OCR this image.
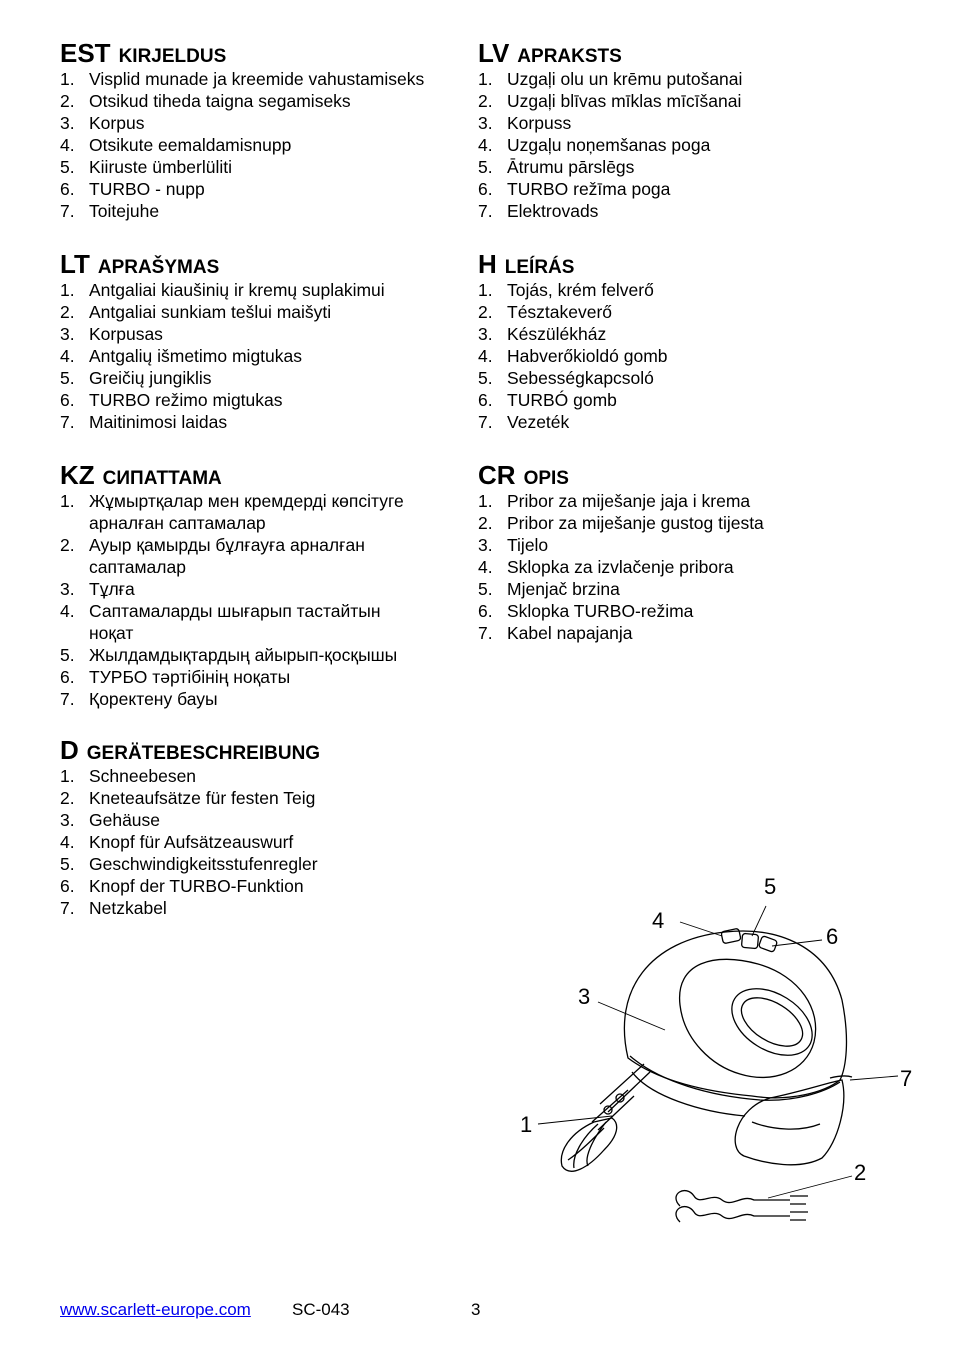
EST KIRJELDUS
1. Visplid munade ja kreemide vahustamiseks
2. Otsikud tiheda taigna segamiseks
3. Korpus
4. Otsikute eemaldamisnupp
5. Kiiruste ümberlüliti
6. TURBO - nupp
7. Toitejuhe
LT APRAŠYMAS
1. Antgaliai kiaušinių ir kremų suplakimui
2. Antgaliai sunkiam tešlui maišyti
3. Korpusas
4. Antgalių išmetimo migtukas
5. Greičių jungiklis
6. TURBO režimo migtukas
7. Maitinimosi laidas
KZ СИПАТТАМА
1. Жұмыртқалар мен кремдерді көпсітуге
арналған саптамалар
2. Ауыр қамырды бұлғауға арналған
саптамалар
3. Тұлға
4. Саптамаларды шығарып тастайтын
ноқат
5. Жылдамдықтардың айырып-қосқышы
6. ТУРБО тәртібінің ноқаты
7. Қоректену бауы
D GERÄTEBESCHREIBUNG
1. Schneebesen
2. Kneteaufsätze für festen Teig
3. Gehäuse
4. Knopf für Aufsätzeauswurf
5. Geschwindigkeitsstufenregler
6. Knopf der TURBO-Funktion
7. Netzkabel
LV APRAKSTS
1. Uzgaļi olu un krēmu putošanai
2. Uzgaļi blīvas mīklas mīcīšanai
3. Korpuss
4. Uzgaļu noņemšanas poga
5. Ātrumu pārslēgs
6. TURBO režīma poga
7. Elektrovads
H LEÍRÁS
1. Tojás, krém felverő
2. Tésztakeverő
3. Készülékház
4. Habverőkioldó gomb
5. Sebességkapcsoló
6. TURBÓ gomb
7. Vezeték
CR OPIS
1. Pribor za miješanje jaja i krema
2. Pribor za miješanje gustog tijesta
3. Tijelo
4. Sklopka za izvlačenje pribora
5. Mjenjač brzina
6. Sklopka TURBO-režima
7. Kabel napajanja
1
2
3
4
5
6
7
www.scarlett-europe.com SC-043	3
